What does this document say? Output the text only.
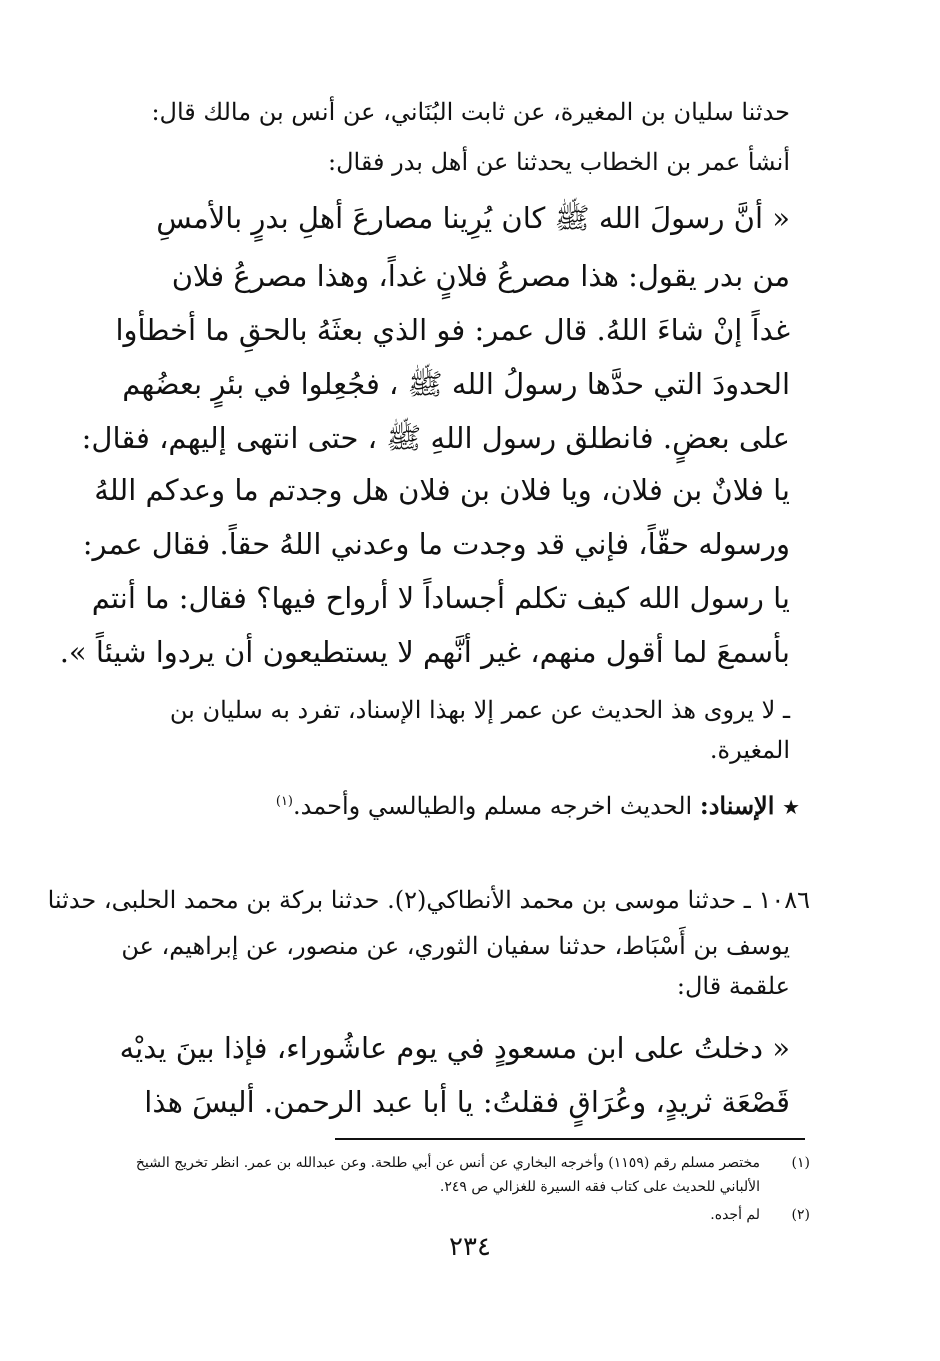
حدثنا سليان بن المغيرة، عن ثابت البُنَاني، عن أنس بن مالك قال:

أنشأ عمر بن الخطاب يحدثنا عن أهل بدر فقال:

« أنَّ رسولَ الله ﷺ كان يُرِينا مصارعَ أهلِ بدرٍ بالأمسِ

من بدر يقول: هذا مصرعُ فلانٍ غداً، وهذا مصرعُ فلان

غداً إنْ شاءَ اللهُ. قال عمر: فو الذي بعثَهُ بالحقِ ما أخطأوا

الحدودَ التي حدَّها رسولُ الله ﷺ ، فجُعِلوا في بئرٍ بعضُهم

على بعضٍ. فانطلق رسول اللهِ ﷺ ، حتى انتهى إليهم، فقال:

يا فلانٌ بن فلان، ويا فلان بن فلان هل وجدتم ما وعدكم اللهُ

ورسوله حقّاً، فإني قد وجدت ما وعدني اللهُ حقاً. فقال عمر:

يا رسول الله كيف تكلم أجساداً لا أرواح فيها؟ فقال: ما أنتم

بأسمعَ لما أقول منهم، غير أنَّهم لا يستطيعون أن يردوا شيئاً ».

ـ لا يروى هذ الحديث عن عمر إلا بهذا الإسناد، تفرد به سليان بن

المغيرة.

★ الإسناد: الحديث اخرجه مسلم والطيالسي وأحمد.$^{(١)}$

١٠٨٦ ـ حدثنا موسى بن محمد الأنطاكي(٢). حدثنا بركة بن محمد الحلبى، حدثنا

يوسف بن أَسْبَاط، حدثنا سفيان الثوري، عن منصور، عن إبراهيم، عن

علقمة قال:

« دخلتُ على ابن مسعودٍ في يوم عاشُوراء، فإذا بينَ يديْه

قَصْعَة ثريدٍ، وعُرَاقٍ فقلتُ: يا أبا عبد الرحمن. أليسَ هذا

(١)

مختصر مسلم رقم (١١٥٩) وأخرجه البخاري عن أنس عن أبي طلحة. وعن عبدالله بن عمر. انظر تخريج الشيخ

الألباني للحديث على كتاب فقه السيرة للغزالي ص ٢٤٩.

(٢)

لم أجده.

٢٣٤
